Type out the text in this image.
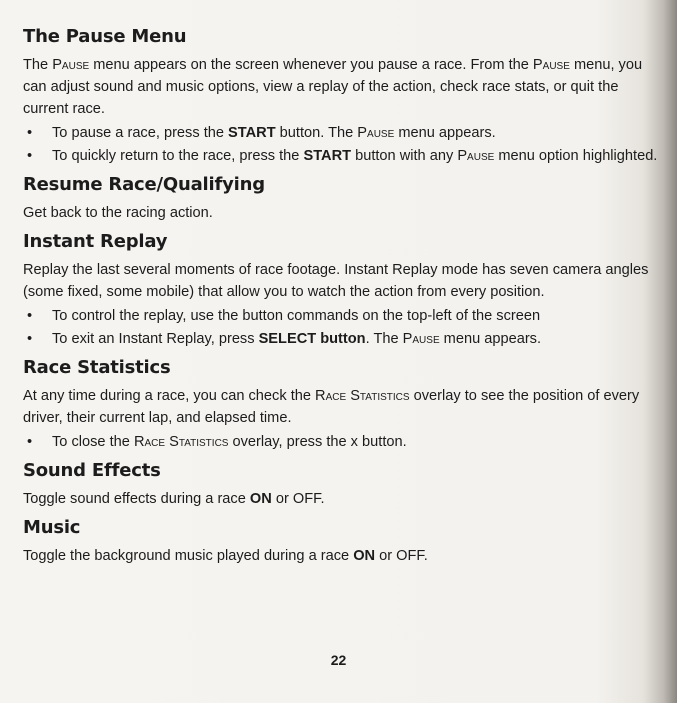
The Pause Menu

The Pause menu appears on the screen whenever you pause a race. From the Pause menu, you can adjust sound and music options, view a replay of the action, check race stats, or quit the current race.

• To pause a race, press the START button. The Pause menu appears.
• To quickly return to the race, press the START button with any Pause menu option highlighted.
Resume Race/Qualifying

Get back to the racing action.

Instant Replay

Replay the last several moments of race footage. Instant Replay mode has seven camera angles (some fixed, some mobile) that allow you to watch the action from every position.

• To control the replay, use the button commands on the top-left of the screen
• To exit an Instant Replay, press SELECT button. The Pause menu appears.
Race Statistics

At any time during a race, you can check the Race Statistics overlay to see the position of every driver, their current lap, and elapsed time.

• To close the Race Statistics overlay, press the x button.
Sound Effects

Toggle sound effects during a race ON or OFF.

Music

Toggle the background music played during a race ON or OFF.

22
